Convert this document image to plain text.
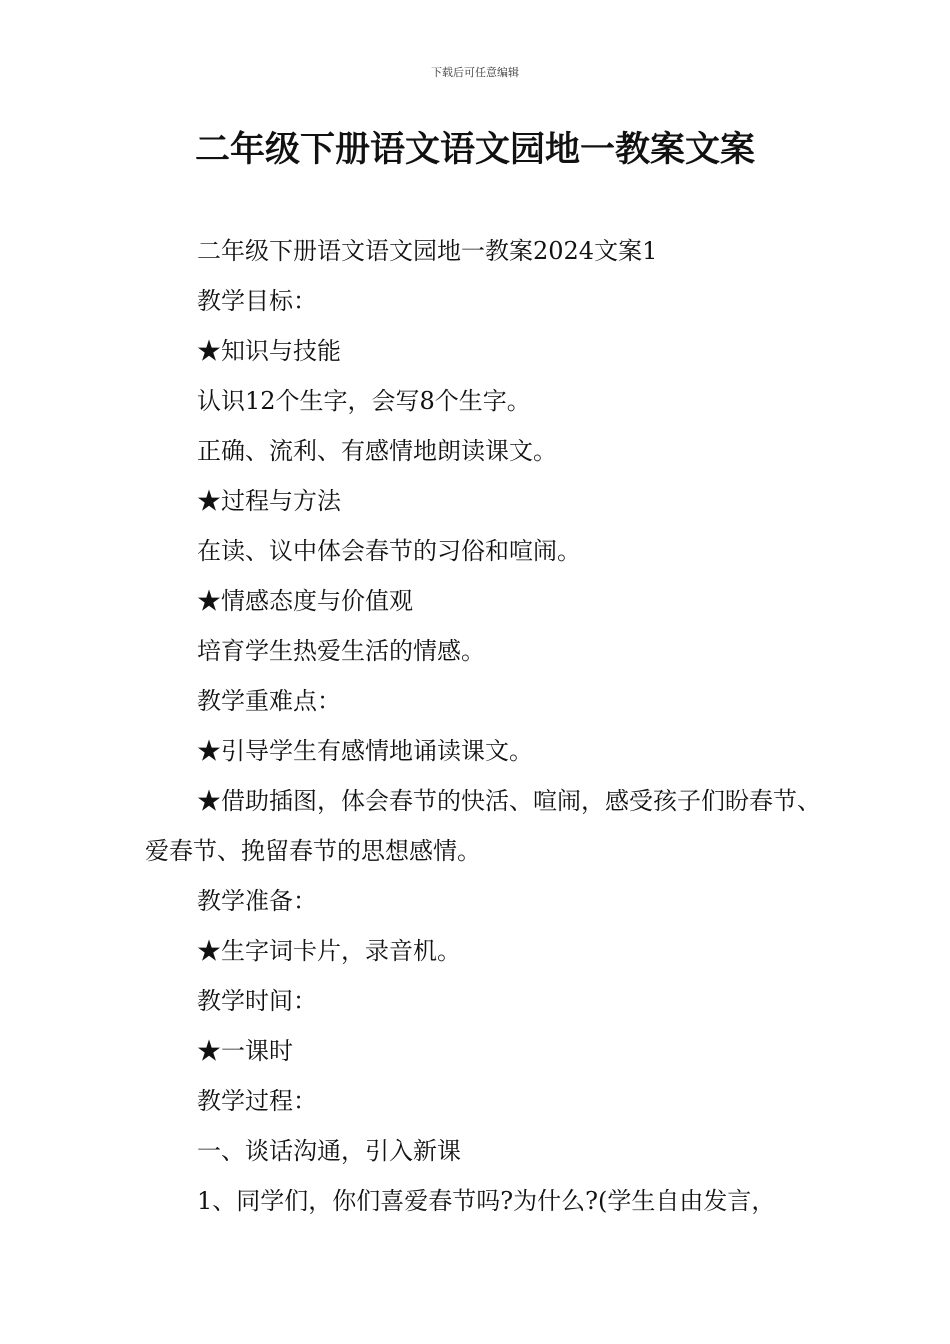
下载后可任意编辑
二年级下册语文语文园地一教案文案

二年级下册语文语文园地一教案2024文案1

教学目标：

★知识与技能

认识12个生字，会写8个生字。

正确、流利、有感情地朗读课文。

★过程与方法

在读、议中体会春节的习俗和喧闹。

★情感态度与价值观

培育学生热爱生活的情感。

教学重难点：

★引导学生有感情地诵读课文。

★借助插图，体会春节的快活、喧闹，感受孩子们盼春节、爱春节、挽留春节的思想感情。

教学准备：

★生字词卡片，录音机。

教学时间：

★一课时

教学过程：

一、谈话沟通，引入新课

1、同学们，你们喜爱春节吗?为什么?(学生自由发言，
